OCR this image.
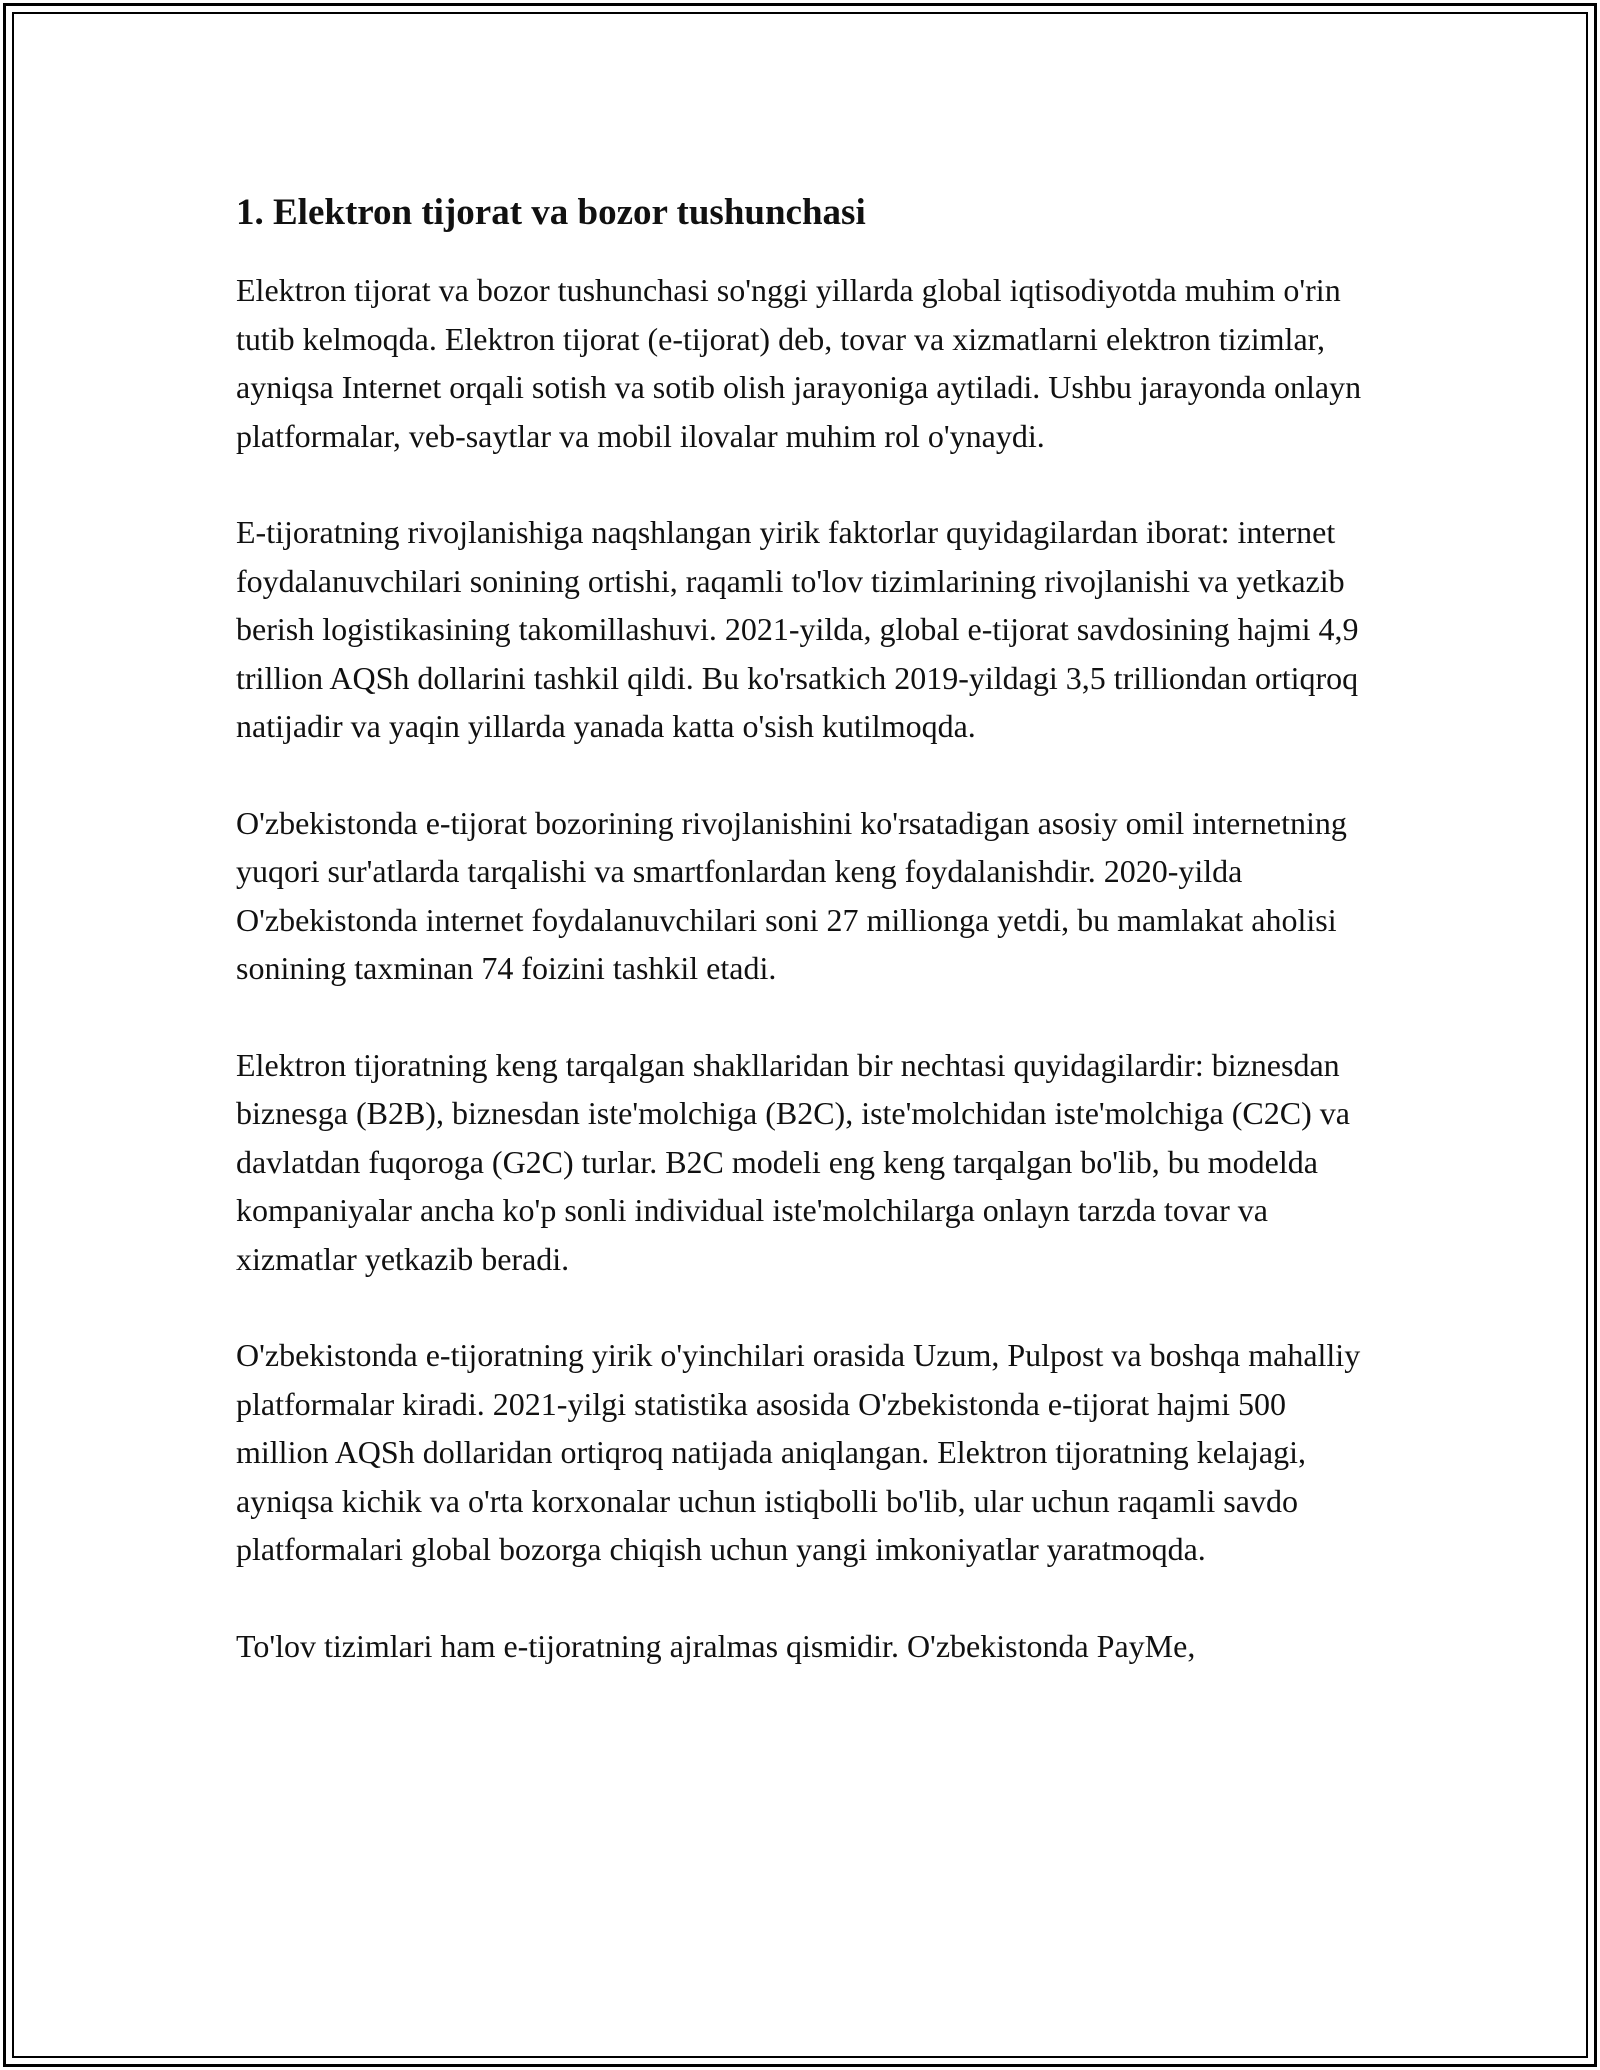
1. Elektron tijorat va bozor tushunchasi

Elektron tijorat va bozor tushunchasi so'nggi yillarda global iqtisodiyotda muhim o'rin tutib kelmoqda. Elektron tijorat (e-tijorat) deb, tovar va xizmatlarni elektron tizimlar, ayniqsa Internet orqali sotish va sotib olish jarayoniga aytiladi. Ushbu jarayonda onlayn platformalar, veb-saytlar va mobil ilovalar muhim rol o'ynaydi.

E-tijoratning rivojlanishiga naqshlangan yirik faktorlar quyidagilardan iborat: internet foydalanuvchilari sonining ortishi, raqamli to'lov tizimlarining rivojlanishi va yetkazib berish logistikasining takomillashuvi. 2021-yilda, global e-tijorat savdosining hajmi 4,9 trillion AQSh dollarini tashkil qildi. Bu ko'rsatkich 2019-yildagi 3,5 trilliondan ortiqroq natijadir va yaqin yillarda yanada katta o'sish kutilmoqda.

O'zbekistonda e-tijorat bozorining rivojlanishini ko'rsatadigan asosiy omil internetning yuqori sur'atlarda tarqalishi va smartfonlardan keng foydalanishdir. 2020-yilda O'zbekistonda internet foydalanuvchilari soni 27 millionga yetdi, bu mamlakat aholisi sonining taxminan 74 foizini tashkil etadi.

Elektron tijoratning keng tarqalgan shakllaridan bir nechtasi quyidagilardir: biznesdan biznesga (B2B), biznesdan iste'molchiga (B2C), iste'molchidan iste'molchiga (C2C) va davlatdan fuqoroga (G2C) turlar. B2C modeli eng keng tarqalgan bo'lib, bu modelda kompaniyalar ancha ko'p sonli individual iste'molchilarga onlayn tarzda tovar va xizmatlar yetkazib beradi.

O'zbekistonda e-tijoratning yirik o'yinchilari orasida Uzum, Pulpost va boshqa mahalliy platformalar kiradi. 2021-yilgi statistika asosida O'zbekistonda e-tijorat hajmi 500 million AQSh dollaridan ortiqroq natijada aniqlangan. Elektron tijoratning kelajagi, ayniqsa kichik va o'rta korxonalar uchun istiqbolli bo'lib, ular uchun raqamli savdo platformalari global bozorga chiqish uchun yangi imkoniyatlar yaratmoqda.

To'lov tizimlari ham e-tijoratning ajralmas qismidir. O'zbekistonda PayMe,
